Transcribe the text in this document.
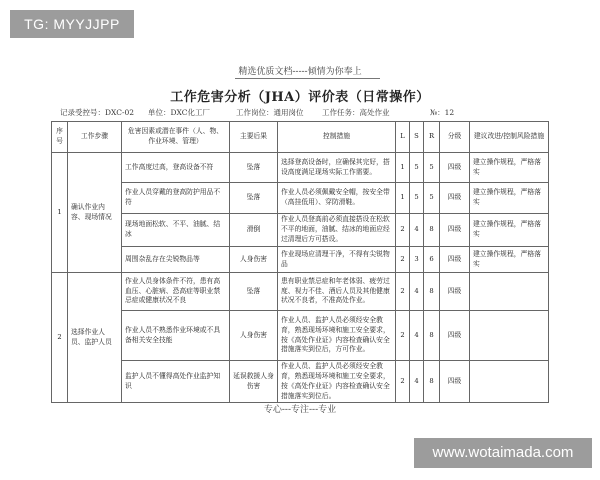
TG: MYYJJPP
精选优质文档-----倾情为你奉上
工作危害分析（JHA）评价表（日常操作）
记录受控号：DXC-02 单位：DXC化工厂	工作岗位：通用岗位 工作任务：高处作业	№：12
序号	工作步骤	危害因素或潜在事件（人、物、作业环境、管理）	主要后果	控制措施	L	S	R	分级	建议改进/控制风险措施
1	确认作业内容、现场情况	工作高度过高，登高设备不符	坠落	选择登高设备时，应确保其完好，搭设高度满足现场实际工作需要。	1	5	5	四级	建立操作规程，严格落实
		作业人员穿戴的登高防护用品不符	坠落	作业人员必须佩戴安全帽，按安全带（高挂低用）、穿防滑鞋。	1	5	5	四级	建立操作规程，严格落实
		现场地面松软、不平、油腻、结冰	滑倒	作业人员登高前必须直接搭设在松软不平的地面，油腻、结冰的地面应经过清理后方可搭设。	2	4	8	四级	建立操作规程，严格落实
		周围杂乱存在尖锐物品等	人身伤害	作业现场应清理干净，不得有尖锐物品	2	3	6	四级	建立操作规程，严格落实
2	选择作业人员、监护人员	作业人员身体条件不符，患有高血压、心脏病、恐高症等职业禁忌症或健康状况不良	坠落	患有职业禁忌症和年老体弱、疲劳过度、视力不佳、酒后人员及其他健康状况不良者，不准高处作业。	2	4	8	四级	
		作业人员不熟悉作业环境或不具备相关安全技能	人身伤害	作业人员、监护人员必须经安全教育，熟悉现场环境和施工安全要求，按《高处作业证》内容检查确认安全措施落实到位后，方可作业。	2	4	8	四级	
		监护人员不懂得高处作业监护知识	延误救援人身伤害	作业人员、监护人员必须经安全教育，熟悉现场环境和施工安全要求，按《高处作业证》内容检查确认安全措施落实到位后。	2	4	8	四级	
专心---专注---专业
www.wotaimada.com
